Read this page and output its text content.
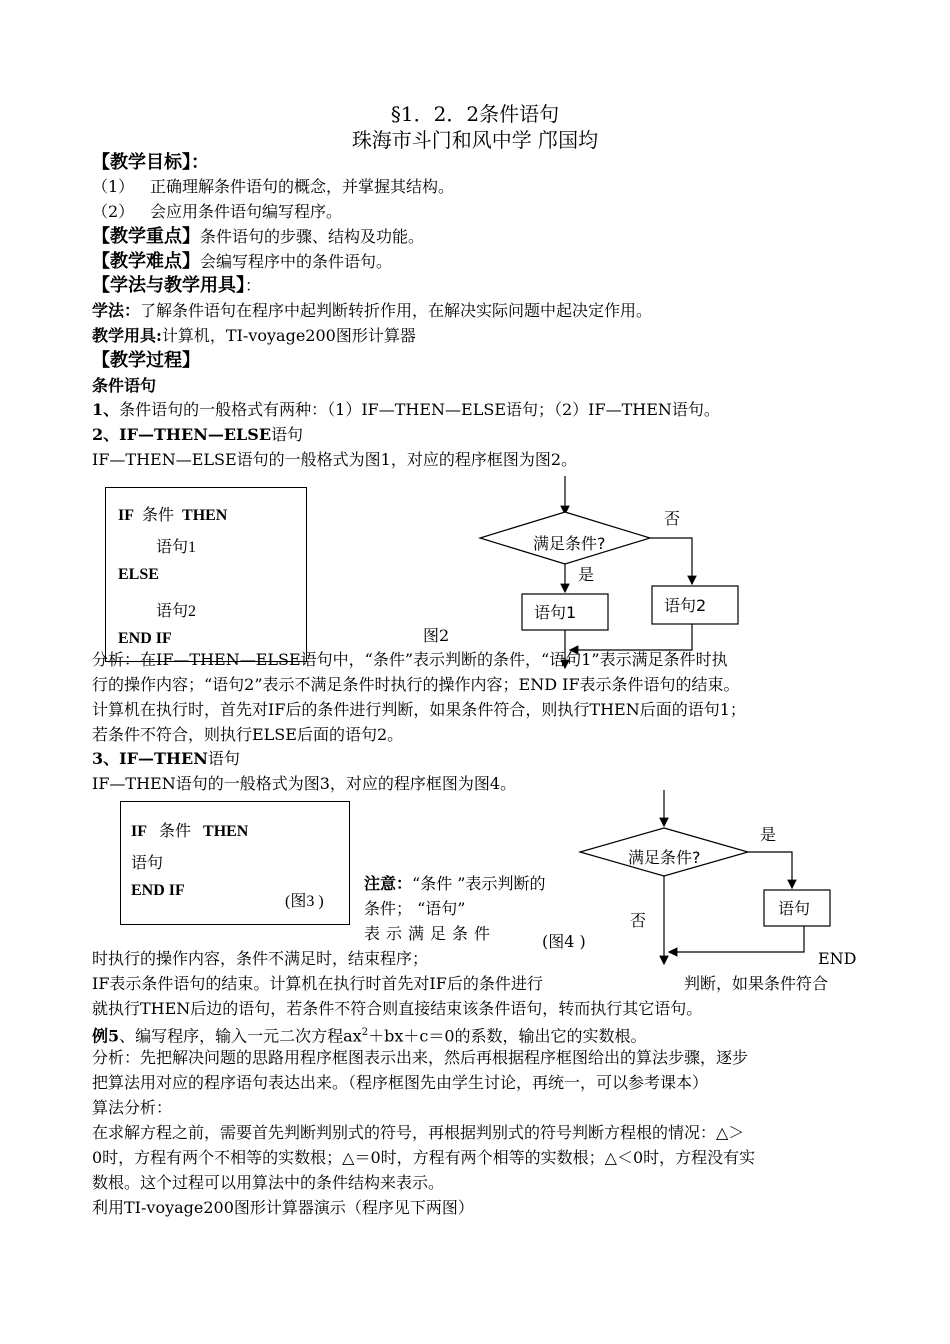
§1．2．2条件语句
珠海市斗门和风中学 邝国均
【教学目标】：
（1） 正确理解条件语句的概念，并掌握其结构。
（2） 会应用条件语句编写程序。
【教学重点】条件语句的步骤、结构及功能。
【教学难点】会编写程序中的条件语句。
【学法与教学用具】：
学法：了解条件语句在程序中起判断转折作用，在解决实际问题中起决定作用。
教学用具:计算机，TI-voyage200图形计算器
【教学过程】
条件语句
1、条件语句的一般格式有两种：（1）IF—THEN—ELSE语句；（2）IF—THEN语句。
2、IF—THEN—ELSE语句
IF—THEN—ELSE语句的一般格式为图1，对应的程序框图为图2。
IF 条件 THEN
语句1
ELSE
语句2
END IF
满足条件?
否
是
语句1	语句2
图2
分析：在IF—THEN—ELSE语句中，“条件”表示判断的条件，“语句1”表示满足条件时执
行的操作内容；“语句2”表示不满足条件时执行的操作内容；END IF表示条件语句的结束。
计算机在执行时，首先对IF后的条件进行判断，如果条件符合，则执行THEN后面的语句1；
若条件不符合，则执行ELSE后面的语句2。
3、IF—THEN语句
IF—THEN语句的一般格式为图3，对应的程序框图为图4。
IF 条件 THEN
语句
END IF
(图3 )
注意：“条件 ”表示判断的
条件； “语句”
表示满足条件	(图4 )
满足条件?
是
语句
否
时执行的操作内容，条件不满足时，结束程序；	END
IF表示条件语句的结束。计算机在执行时首先对IF后的条件进行	判断，如果条件符合
就执行THEN后边的语句，若条件不符合则直接结束该条件语句，转而执行其它语句。
例5、编写程序，输入一元二次方程$ax^2+bx+c=0$的系数，输出它的实数根。
分析：先把解决问题的思路用程序框图表示出来，然后再根据程序框图给出的算法步骤，逐步
把算法用对应的程序语句表达出来。（程序框图先由学生讨论，再统一，可以参考课本）
算法分析：
在求解方程之前，需要首先判断判别式的符号，再根据判别式的符号判断方程根的情况：△＞
0时，方程有两个不相等的实数根；△＝0时，方程有两个相等的实数根；△＜0时，方程没有实
数根。这个过程可以用算法中的条件结构来表示。
利用TI-voyage200图形计算器演示（程序见下两图）
